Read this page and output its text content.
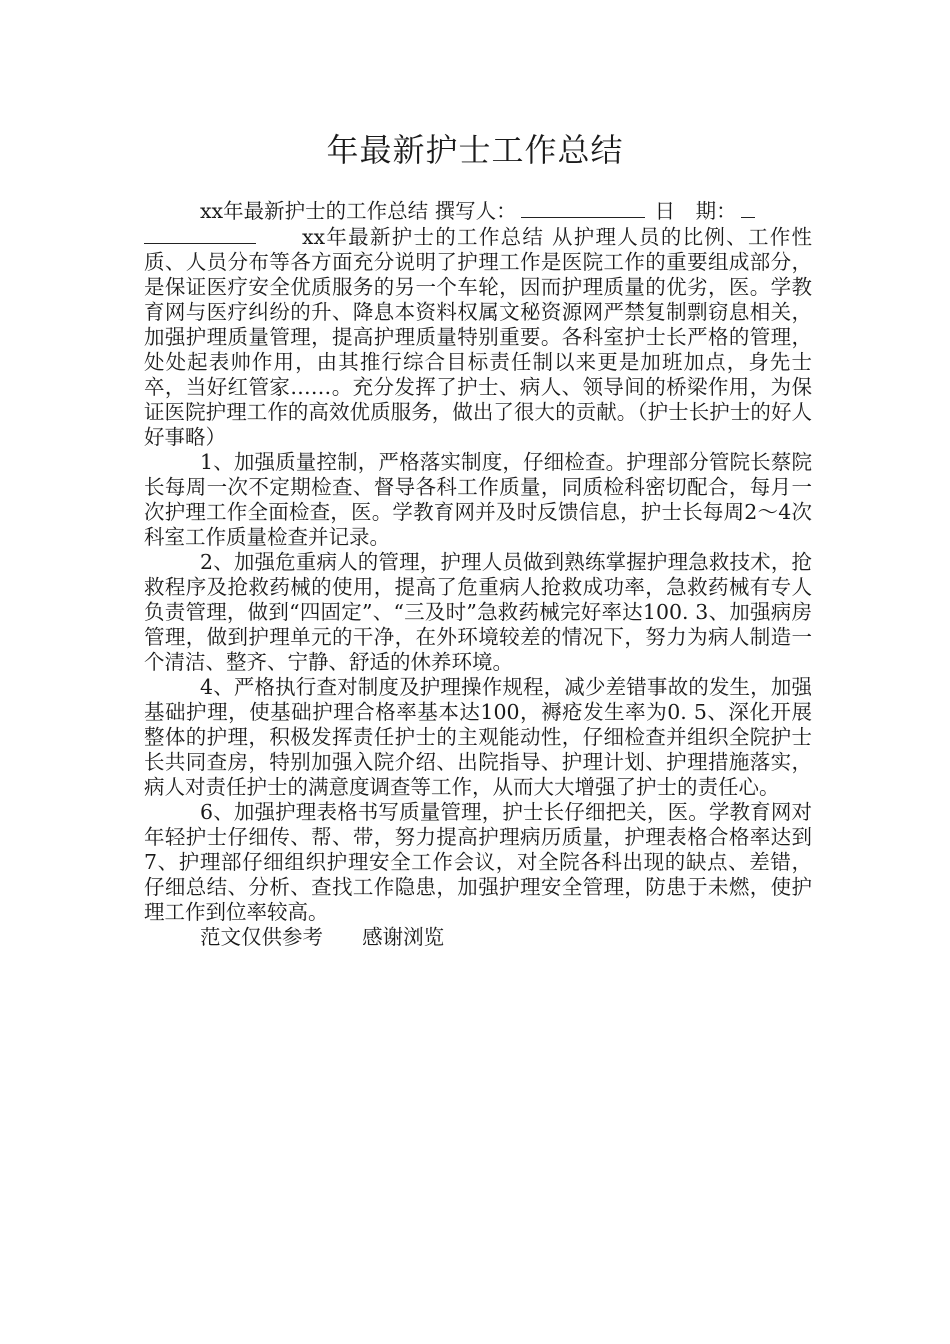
年最新护士工作总结

xx年最新护士的工作总结 撰写人：	日　期：
xx年最新护士的工作总结 从护理人员的比例、工作性质、人员分布等各方面充分说明了护理工作是医院工作的重要组成部分，是保证医疗安全优质服务的另一个车轮，因而护理质量的优劣，医。学教育网与医疗纠纷的升、降息本资料权属文秘资源网严禁复制剽窃息相关，加强护理质量管理，提高护理质量特别重要。各科室护士长严格的管理，处处起表帅作用，由其推行综合目标责任制以来更是加班加点，身先士卒，当好红管家……。充分发挥了护士、病人、领导间的桥梁作用，为保证医院护理工作的高效优质服务，做出了很大的贡献。（护士长护士的好人好事略）

1、加强质量控制，严格落实制度，仔细检查。护理部分管院长蔡院长每周一次不定期检查、督导各科工作质量，同质检科密切配合，每月一次护理工作全面检查，医。学教育网并及时反馈信息，护士长每周2～4次科室工作质量检查并记录。

2、加强危重病人的管理，护理人员做到熟练掌握护理急救技术，抢救程序及抢救药械的使用，提高了危重病人抢救成功率，急救药械有专人负责管理，做到“四固定”、“三及时”急救药械完好率达100. 3、加强病房管理，做到护理单元的干净，在外环境较差的情况下，努力为病人制造一个清洁、整齐、宁静、舒适的休养环境。

4、严格执行查对制度及护理操作规程，减少差错事故的发生，加强基础护理，使基础护理合格率基本达100，褥疮发生率为0. 5、深化开展整体的护理，积极发挥责任护士的主观能动性，仔细检查并组织全院护士长共同查房，特别加强入院介绍、出院指导、护理计划、护理措施落实，病人对责任护士的满意度调查等工作，从而大大增强了护士的责任心。

6、加强护理表格书写质量管理，护士长仔细把关，医。学教育网对年轻护士仔细传、帮、带，努力提高护理病历质量，护理表格合格率达到 7、护理部仔细组织护理安全工作会议，对全院各科出现的缺点、差错，仔细总结、分析、查找工作隐患，加强护理安全管理，防患于未燃，使护理工作到位率较高。

范文仅供参考 感谢浏览
